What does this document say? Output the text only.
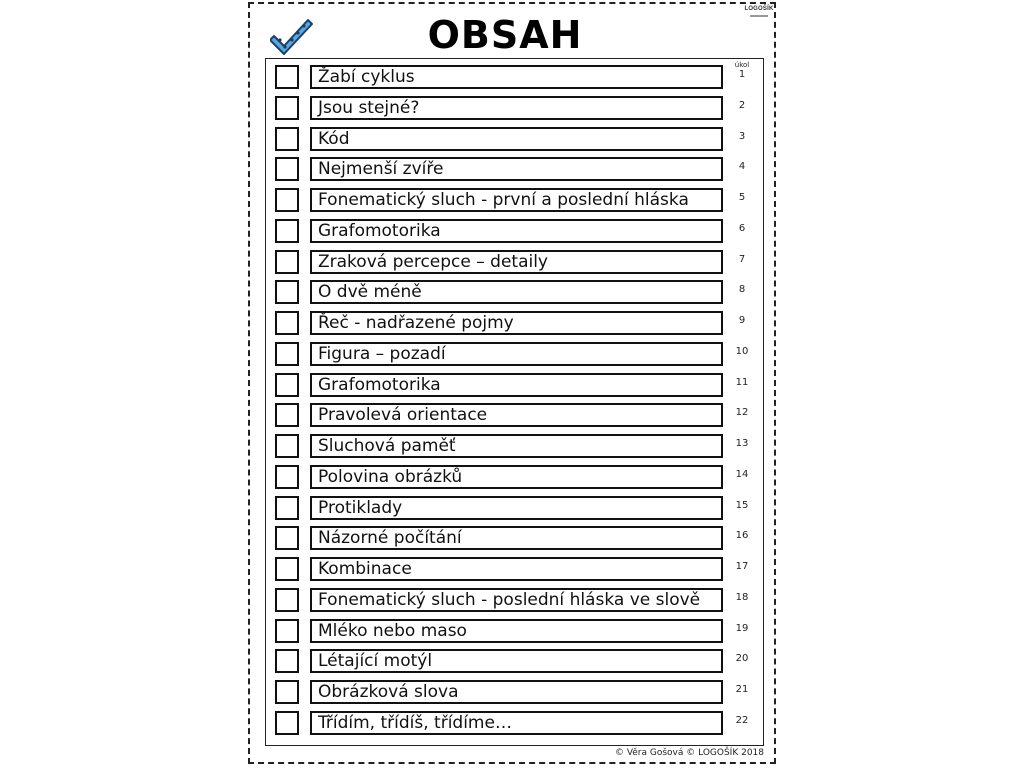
LOGOŠÍK
OBSAH
úkol
Žabí cyklus	1
Jsou stejné?	2
Kód	3
Nejmenší zvíře	4
Fonematický sluch - první a poslední hláska	5
Grafomotorika	6
Zraková percepce – detaily	7
O dvě méně	8
Řeč - nadřazené pojmy	9
Figura – pozadí	10
Grafomotorika	11
Pravolevá orientace	12
Sluchová paměť	13
Polovina obrázků	14
Protiklady	15
Názorné počítání	16
Kombinace	17
Fonematický sluch - poslední hláska ve slově	18
Mléko nebo maso	19
Létající motýl	20
Obrázková slova	21
Třídím, třídíš, třídíme…	22
© Věra Gošová © LOGOŠÍK 2018
